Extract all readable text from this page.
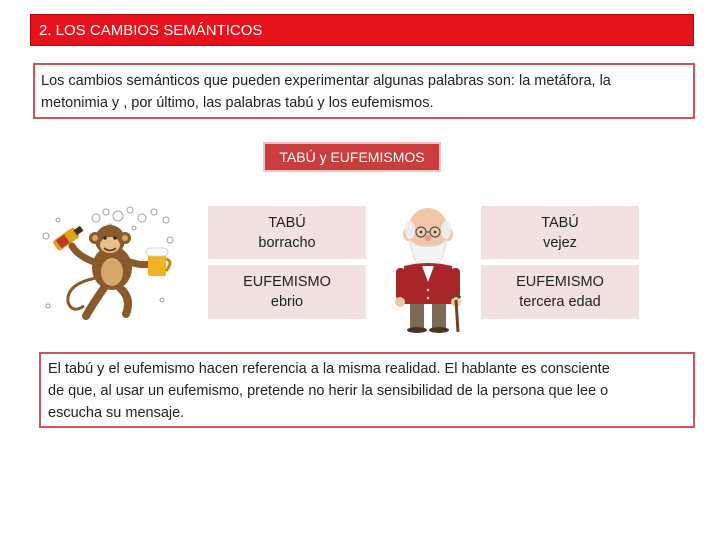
2. LOS CAMBIOS SEMÁNTICOS
Los cambios semánticos que pueden experimentar algunas palabras son: la metáfora, la
metonimia y , por último, las palabras tabú y los eufemismos.
TABÚ y EUFEMISMOS
TABÚ
borracho
EUFEMISMO
ebrio
TABÚ
vejez
EUFEMISMO
tercera edad
El tabú y el eufemismo hacen referencia a la misma realidad. El hablante es consciente
de que, al usar un eufemismo, pretende no herir la sensibilidad de la persona que lee o
escucha su mensaje.
